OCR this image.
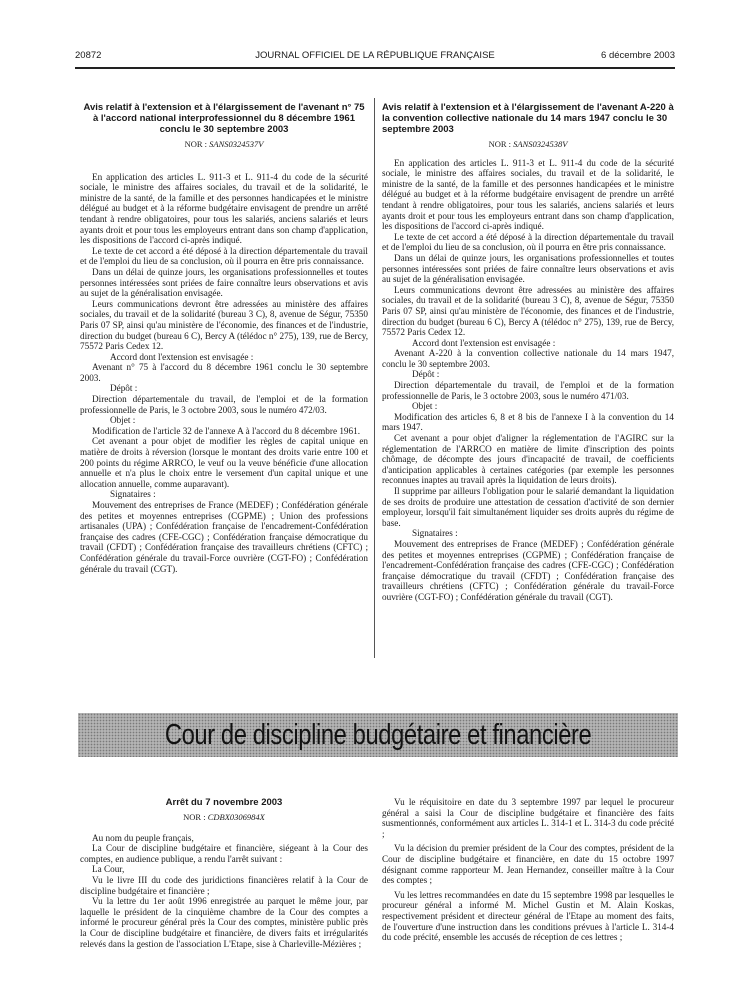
20872	JOURNAL OFFICIEL DE LA RÉPUBLIQUE FRANÇAISE	6 décembre 2003
Avis relatif à l'extension et à l'élargissement de l'avenant n° 75 à l'accord national interprofessionnel du 8 décembre 1961 conclu le 30 septembre 2003
NOR : SANS0324537V

En application des articles L. 911-3 et L. 911-4 du code de la sécurité sociale, le ministre des affaires sociales, du travail et de la solidarité, le ministre de la santé, de la famille et des personnes handicapées et le ministre délégué au budget et à la réforme budgétaire envisagent de prendre un arrêté tendant à rendre obligatoires, pour tous les salariés, anciens salariés et leurs ayants droit et pour tous les employeurs entrant dans son champ d'application, les dispositions de l'accord ci-après indiqué.

Le texte de cet accord a été déposé à la direction départementale du travail et de l'emploi du lieu de sa conclusion, où il pourra en être pris connaissance.

Dans un délai de quinze jours, les organisations professionnelles et toutes personnes intéressées sont priées de faire connaître leurs observations et avis au sujet de la généralisation envisagée.

Leurs communications devront être adressées au ministère des affaires sociales, du travail et de la solidarité (bureau 3 C), 8, avenue de Ségur, 75350 Paris 07 SP, ainsi qu'au ministère de l'économie, des finances et de l'industrie, direction du budget (bureau 6 C), Bercy A (télédoc n° 275), 139, rue de Bercy, 75572 Paris Cedex 12.

Accord dont l'extension est envisagée :

Avenant n° 75 à l'accord du 8 décembre 1961 conclu le 30 septembre 2003.

Dépôt :

Direction départementale du travail, de l'emploi et de la formation professionnelle de Paris, le 3 octobre 2003, sous le numéro 472/03.

Objet :

Modification de l'article 32 de l'annexe A à l'accord du 8 décembre 1961.

Cet avenant a pour objet de modifier les règles de capital unique en matière de droits à réversion (lorsque le montant des droits varie entre 100 et 200 points du régime ARRCO, le veuf ou la veuve bénéficie d'une allocation annuelle et n'a plus le choix entre le versement d'un capital unique et une allocation annuelle, comme auparavant).

Signataires :

Mouvement des entreprises de France (MEDEF) ; Confédération générale des petites et moyennes entreprises (CGPME) ; Union des professions artisanales (UPA) ; Confédération française de l'encadrement-Confédération française des cadres (CFE-CGC) ; Confédération française démocratique du travail (CFDT) ; Confédération française des travailleurs chrétiens (CFTC) ; Confédération générale du travail-Force ouvrière (CGT-FO) ; Confédération générale du travail (CGT).

Avis relatif à l'extension et à l'élargissement de l'avenant A-220 à la convention collective nationale du 14 mars 1947 conclu le 30 septembre 2003
NOR : SANS0324538V

En application des articles L. 911-3 et L. 911-4 du code de la sécurité sociale, le ministre des affaires sociales, du travail et de la solidarité, le ministre de la santé, de la famille et des personnes handicapées et le ministre délégué au budget et à la réforme budgétaire envisagent de prendre un arrêté tendant à rendre obligatoires, pour tous les salariés, anciens salariés et leurs ayants droit et pour tous les employeurs entrant dans son champ d'application, les dispositions de l'accord ci-après indiqué.

Le texte de cet accord a été déposé à la direction départementale du travail et de l'emploi du lieu de sa conclusion, où il pourra en être pris connaissance.

Dans un délai de quinze jours, les organisations professionnelles et toutes personnes intéressées sont priées de faire connaître leurs observations et avis au sujet de la généralisation envisagée.

Leurs communications devront être adressées au ministère des affaires sociales, du travail et de la solidarité (bureau 3 C), 8, avenue de Ségur, 75350 Paris 07 SP, ainsi qu'au ministère de l'économie, des finances et de l'industrie, direction du budget (bureau 6 C), Bercy A (télédoc n° 275), 139, rue de Bercy, 75572 Paris Cedex 12.

Accord dont l'extension est envisagée :

Avenant A-220 à la convention collective nationale du 14 mars 1947, conclu le 30 septembre 2003.

Dépôt :

Direction départementale du travail, de l'emploi et de la formation professionnelle de Paris, le 3 octobre 2003, sous le numéro 471/03.

Objet :

Modification des articles 6, 8 et 8 bis de l'annexe I à la convention du 14 mars 1947.

Cet avenant a pour objet d'aligner la réglementation de l'AGIRC sur la réglementation de l'ARRCO en matière de limite d'inscription des points chômage, de décompte des jours d'incapacité de travail, de coefficients d'anticipation applicables à certaines catégories (par exemple les personnes reconnues inaptes au travail après la liquidation de leurs droits).

Il supprime par ailleurs l'obligation pour le salarié demandant la liquidation de ses droits de produire une attestation de cessation d'activité de son dernier employeur, lorsqu'il fait simultanément liquider ses droits auprès du régime de base.

Signataires :

Mouvement des entreprises de France (MEDEF) ; Confédération générale des petites et moyennes entreprises (CGPME) ; Confédération française de l'encadrement-Confédération française des cadres (CFE-CGC) ; Confédération française démocratique du travail (CFDT) ; Confédération française des travailleurs chrétiens (CFTC) ; Confédération générale du travail-Force ouvrière (CGT-FO) ; Confédération générale du travail (CGT).

Cour de discipline budgétaire et financière
Arrêt du 7 novembre 2003
NOR : CDBX0306984X

Au nom du peuple français,

La Cour de discipline budgétaire et financière, siégeant à la Cour des comptes, en audience publique, a rendu l'arrêt suivant :

La Cour,

Vu le livre III du code des juridictions financières relatif à la Cour de discipline budgétaire et financière ;

Vu la lettre du 1er août 1996 enregistrée au parquet le même jour, par laquelle le président de la cinquième chambre de la Cour des comptes a informé le procureur général près la Cour des comptes, ministère public près la Cour de discipline budgétaire et financière, de divers faits et irrégularités relevés dans la gestion de l'association L'Etape, sise à Charleville-Mézières ;

Vu le réquisitoire en date du 3 septembre 1997 par lequel le procureur général a saisi la Cour de discipline budgétaire et financière des faits susmentionnés, conformément aux articles L. 314-1 et L. 314-3 du code précité ;

Vu la décision du premier président de la Cour des comptes, président de la Cour de discipline budgétaire et financière, en date du 15 octobre 1997 désignant comme rapporteur M. Jean Hernandez, conseiller maître à la Cour des comptes ;

Vu les lettres recommandées en date du 15 septembre 1998 par lesquelles le procureur général a informé M. Michel Gustin et M. Alain Koskas, respectivement président et directeur général de l'Etape au moment des faits, de l'ouverture d'une instruction dans les conditions prévues à l'article L. 314-4 du code précité, ensemble les accusés de réception de ces lettres ;
